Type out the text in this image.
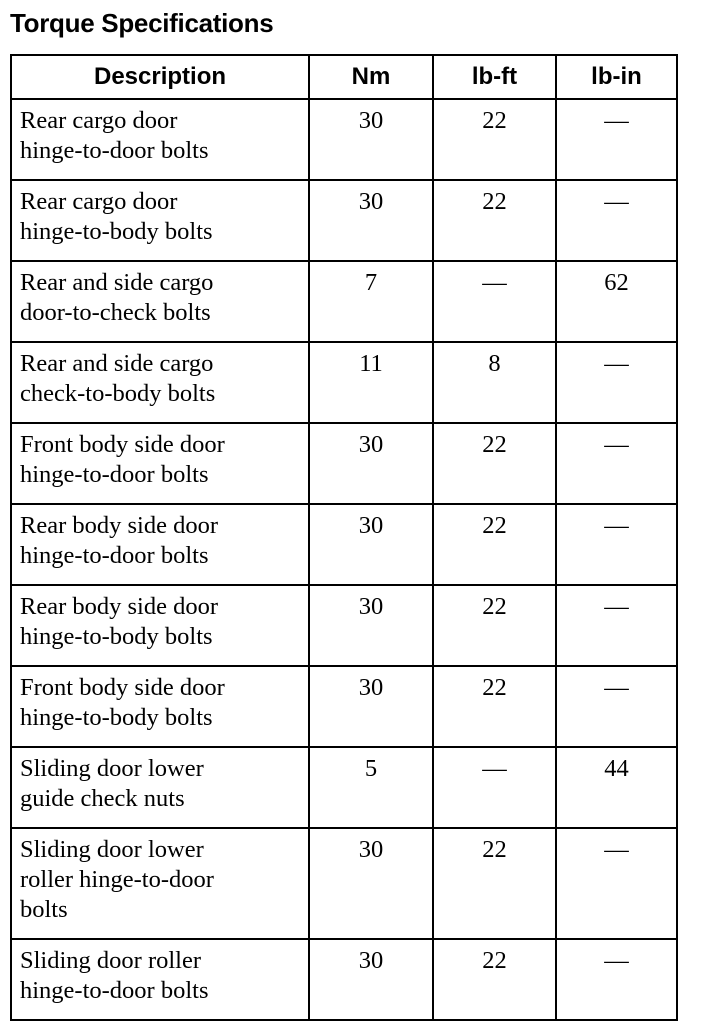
Torque Specifications
Description	Nm	lb-ft	lb-in

Rear cargo door
hinge-to-door bolts	30	22	—

Rear cargo door
hinge-to-body bolts	30	22	—

Rear and side cargo
door-to-check bolts	7	—	62

Rear and side cargo
check-to-body bolts	11	8	—

Front body side door
hinge-to-door bolts	30	22	—

Rear body side door
hinge-to-door bolts	30	22	—

Rear body side door
hinge-to-body bolts	30	22	—

Front body side door
hinge-to-body bolts	30	22	—

Sliding door lower
guide check nuts	5	—	44

Sliding door lower
roller hinge-to-door
bolts	30	22	—

Sliding door roller
hinge-to-door bolts	30	22	—
